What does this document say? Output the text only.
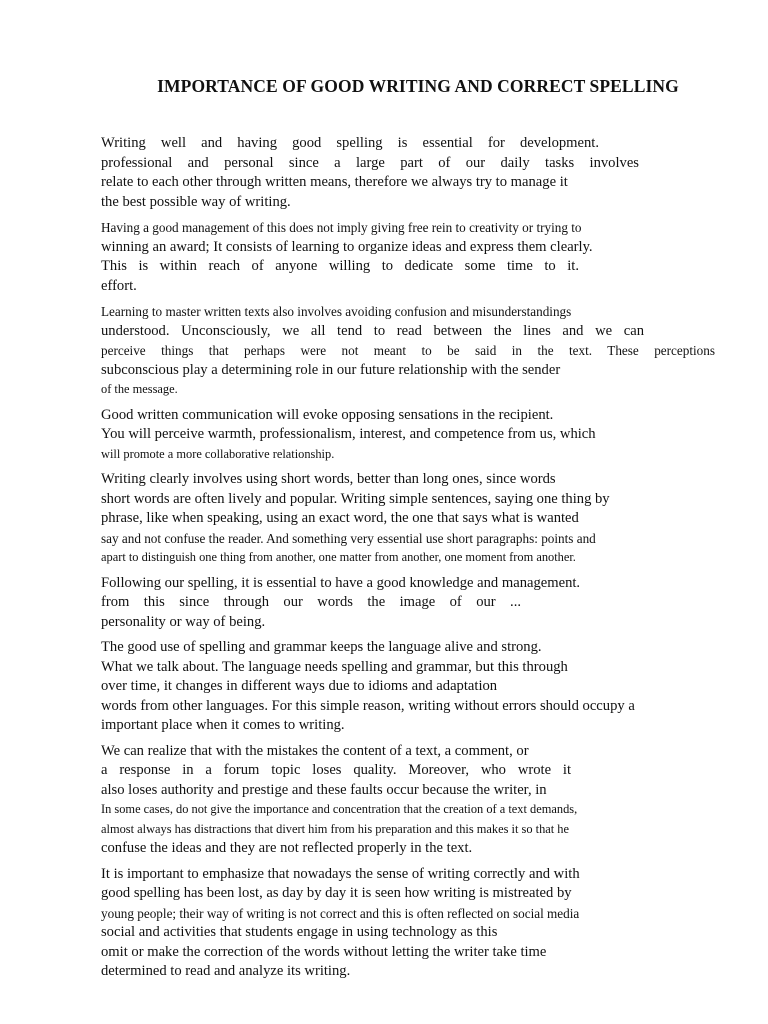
IMPORTANCE OF GOOD WRITING AND CORRECT SPELLING
Writing well and having good spelling is essential for development.
professional and personal since a large part of our daily tasks involves
relate to each other through written means, therefore we always try to manage it
the best possible way of writing.
Having a good management of this does not imply giving free rein to creativity or trying to
winning an award; It consists of learning to organize ideas and express them clearly.
This is within reach of anyone willing to dedicate some time to it.
effort.
Learning to master written texts also involves avoiding confusion and misunderstandings
understood. Unconsciously, we all tend to read between the lines and we can
perceive things that perhaps were not meant to be said in the text. These perceptions
subconscious play a determining role in our future relationship with the sender
of the message.
Good written communication will evoke opposing sensations in the recipient.
You will perceive warmth, professionalism, interest, and competence from us, which
will promote a more collaborative relationship.
Writing clearly involves using short words, better than long ones, since words
short words are often lively and popular. Writing simple sentences, saying one thing by
phrase, like when speaking, using an exact word, the one that says what is wanted
say and not confuse the reader. And something very essential use short paragraphs: points and
apart to distinguish one thing from another, one matter from another, one moment from another.
Following our spelling, it is essential to have a good knowledge and management.
from this since through our words the image of our ...
personality or way of being.
The good use of spelling and grammar keeps the language alive and strong.
What we talk about. The language needs spelling and grammar, but this through
over time, it changes in different ways due to idioms and adaptation
words from other languages. For this simple reason, writing without errors should occupy a
important place when it comes to writing.
We can realize that with the mistakes the content of a text, a comment, or
a response in a forum topic loses quality. Moreover, who wrote it
also loses authority and prestige and these faults occur because the writer, in
In some cases, do not give the importance and concentration that the creation of a text demands,
almost always has distractions that divert him from his preparation and this makes it so that he
confuse the ideas and they are not reflected properly in the text.
It is important to emphasize that nowadays the sense of writing correctly and with
good spelling has been lost, as day by day it is seen how writing is mistreated by
young people; their way of writing is not correct and this is often reflected on social media
social and activities that students engage in using technology as this
omit or make the correction of the words without letting the writer take time
determined to read and analyze its writing.
